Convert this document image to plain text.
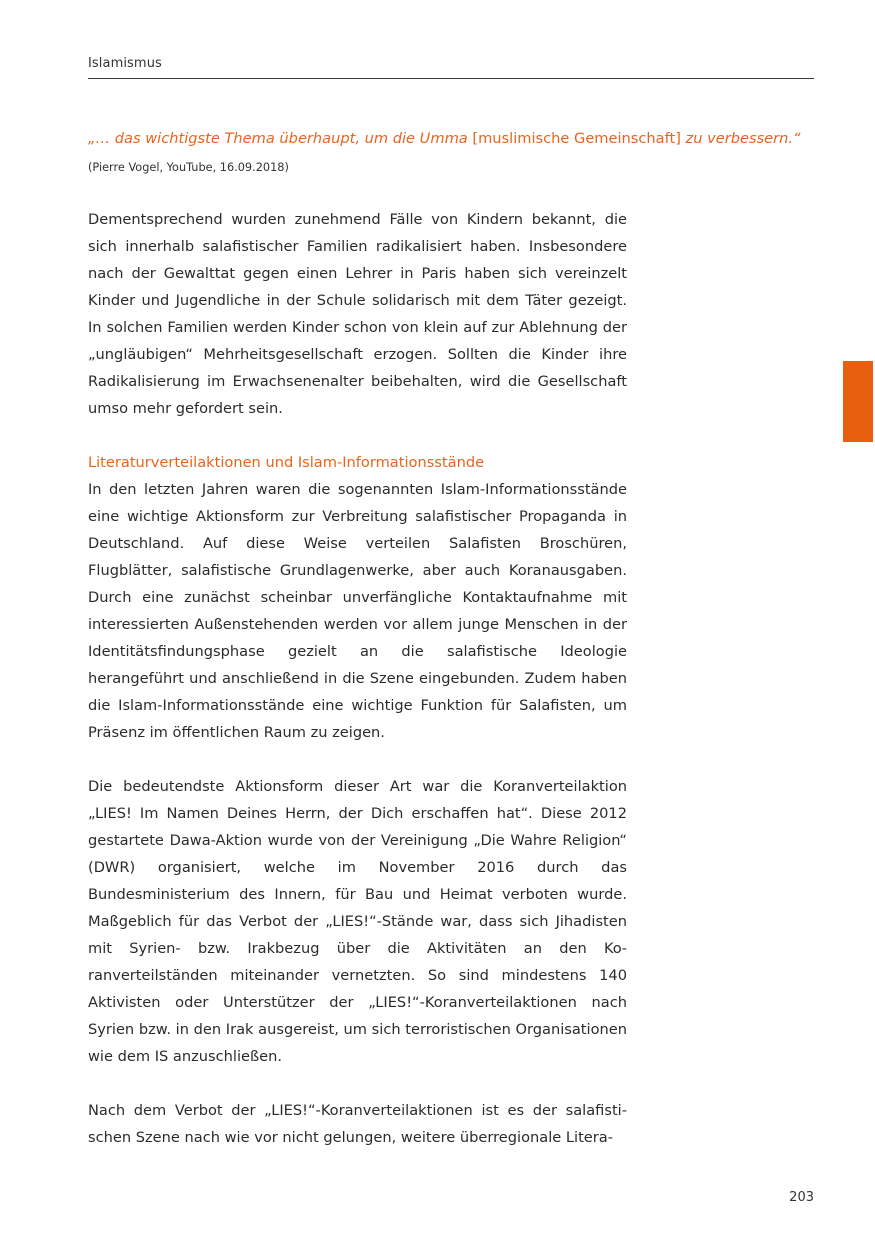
Islamismus
„… das wichtigste Thema überhaupt, um die Umma [muslimische Gemeinschaft] zu verbessern.“
(Pierre Vogel, YouTube, 16.09.2018)

Dementsprechend wurden zunehmend Fälle von Kindern bekannt, die sich innerhalb salafistischer Familien radikalisiert haben. Insbesondere nach der Gewalttat gegen einen Lehrer in Paris haben sich vereinzelt Kinder und Jugendliche in der Schule solidarisch mit dem Täter gezeigt. In solchen Familien werden Kinder schon von klein auf zur Ablehnung der „ungläubigen“ Mehrheitsgesellschaft erzogen. Sollten die Kinder ihre Radikalisierung im Erwachsenenalter beibehalten, wird die Gesellschaft umso mehr gefordert sein.

Literaturverteilaktionen und Islam-Informationsstände

In den letzten Jahren waren die sogenannten Islam-Informationsstände eine wichtige Aktionsform zur Verbreitung salafistischer Propaganda in Deutschland. Auf diese Weise verteilen Salafisten Broschüren, Flugblätter, salafistische Grundlagenwerke, aber auch Koranausgaben. Durch eine zunächst scheinbar unverfängliche Kontaktaufnahme mit interessierten Außenstehenden werden vor allem junge Menschen in der Identitätsfindungsphase gezielt an die salafistische Ideologie herangeführt und anschließend in die Szene eingebunden. Zudem haben die Islam-Informationsstände eine wichtige Funktion für Salafisten, um Präsenz im öffentlichen Raum zu zeigen.

Die bedeutendste Aktionsform dieser Art war die Koranverteilaktion „LIES! Im Namen Deines Herrn, der Dich erschaffen hat“. Diese 2012 gestartete Dawa-Aktion wurde von der Vereinigung „Die Wahre Religion“ (DWR) organisiert, welche im November 2016 durch das Bundesministerium des Innern, für Bau und Heimat verboten wurde. Maßgeblich für das Verbot der „LIES!“-Stände war, dass sich Jihadisten mit Syrien- bzw. Irakbezug über die Aktivitäten an den Koranverteilständen miteinander vernetzten. So sind mindestens 140 Aktivisten oder Unterstützer der „LIES!“-Koranverteilaktionen nach Syrien bzw. in den Irak ausgereist, um sich terroristischen Organisationen wie dem IS anzuschließen.

Nach dem Verbot der „LIES!“-Koranverteilaktionen ist es der salafistischen Szene nach wie vor nicht gelungen, weitere überregionale Litera-

203
